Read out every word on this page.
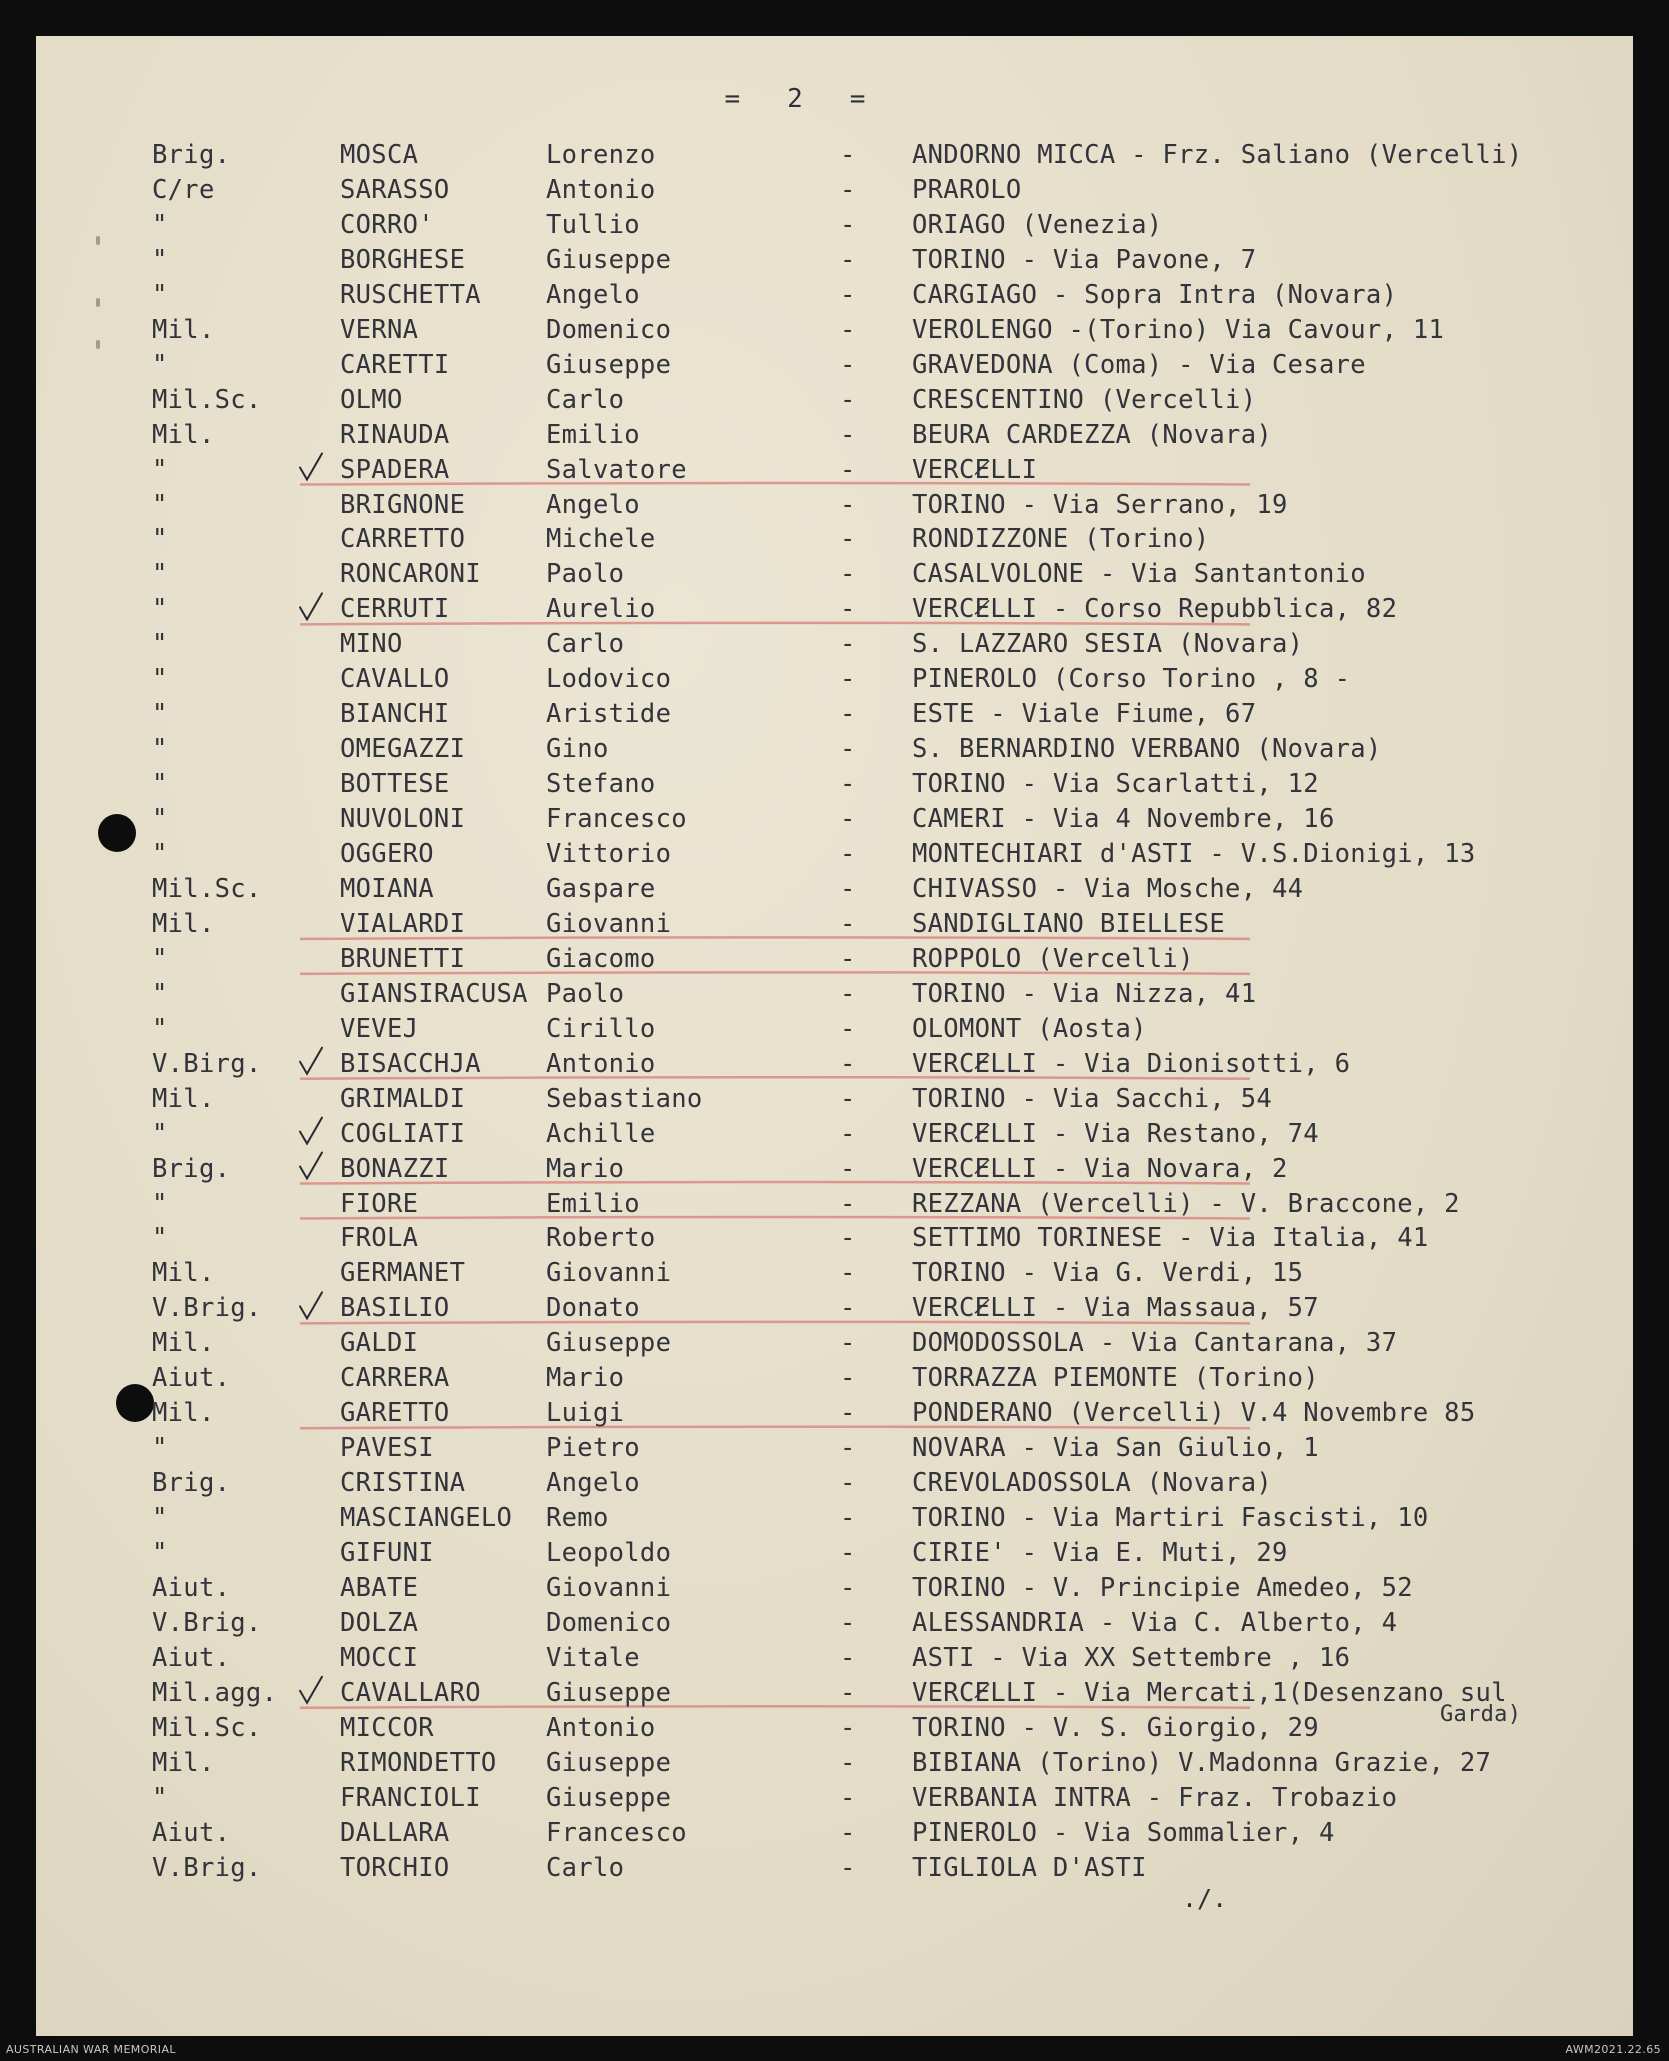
=   2   =
Brig.	MOSCA	Lorenzo	- ANDORNO MICCA - Frz. Saliano (Vercelli)
C/re	SARASSO	Antonio	- PRAROLO
"	CORRO'	Tullio	- ORIAGO (Venezia)
"	BORGHESE	Giuseppe	- TORINO - Via Pavone, 7
"	RUSCHETTA	Angelo	- CARGIAGO - Sopra Intra (Novara)
Mil.	VERNA	Domenico	- VEROLENGO -(Torino) Via Cavour, 11
"	CARETTI	Giuseppe	- GRAVEDONA (Coma) - Via Cesare
Mil.Sc.	OLMO	Carlo	- CRESCENTINO (Vercelli)
Mil.	RINAUDA	Emilio	- BEURA CARDEZZA (Novara)
"	SPADERA	Salvatore	- VERCELLI
"	BRIGNONE	Angelo	- TORINO - Via Serrano, 19
"	CARRETTO	Michele	- RONDIZZONE (Torino)
"	RONCARONI	Paolo	- CASALVOLONE - Via Santantonio
"	CERRUTI	Aurelio	- VERCELLI - Corso Repubblica, 82
"	MINO	Carlo	- S. LAZZARO SESIA (Novara)
"	CAVALLO	Lodovico	- PINEROLO (Corso Torino , 8 -
"	BIANCHI	Aristide	- ESTE - Viale Fiume, 67
"	OMEGAZZI	Gino	- S. BERNARDINO VERBANO (Novara)
"	BOTTESE	Stefano	- TORINO - Via Scarlatti, 12
"	NUVOLONI	Francesco	- CAMERI - Via 4 Novembre, 16
"	OGGERO	Vittorio	- MONTECHIARI d'ASTI - V.S.Dionigi, 13
Mil.Sc.	MOIANA	Gaspare	- CHIVASSO - Via Mosche, 44
Mil.	VIALARDI	Giovanni	- SANDIGLIANO BIELLESE
"	BRUNETTI	Giacomo	- ROPPOLO (Vercelli)
"	GIANSIRACUSA Paolo	- TORINO - Via Nizza, 41
"	VEVEJ	Cirillo	- OLOMONT (Aosta)
V.Birg.	BISACCHJA	Antonio	- VERCELLI - Via Dionisotti, 6
Mil.	GRIMALDI	Sebastiano	- TORINO - Via Sacchi, 54
"	COGLIATI	Achille	- VERCELLI - Via Restano, 74
Brig.	BONAZZI	Mario	- VERCELLI - Via Novara, 2
"	FIORE	Emilio	- REZZANA (Vercelli) - V. Braccone, 2
"	FROLA	Roberto	- SETTIMO TORINESE - Via Italia, 41
Mil.	GERMANET	Giovanni	- TORINO - Via G. Verdi, 15
V.Brig.	BASILIO	Donato	- VERCELLI - Via Massaua, 57
Mil.	GALDI	Giuseppe	- DOMODOSSOLA - Via Cantarana, 37
Aiut.	CARRERA	Mario	- TORRAZZA PIEMONTE (Torino)
Mil.	GARETTO	Luigi	- PONDERANO (Vercelli) V.4 Novembre 85
"	PAVESI	Pietro	- NOVARA - Via San Giulio, 1
Brig.	CRISTINA	Angelo	- CREVOLADOSSOLA (Novara)
"	MASCIANGELO Remo	- TORINO - Via Martiri Fascisti, 10
"	GIFUNI	Leopoldo	- CIRIE' - Via E. Muti, 29
Aiut.	ABATE	Giovanni	- TORINO - V. Principie Amedeo, 52
V.Brig.	DOLZA	Domenico	- ALESSANDRIA - Via C. Alberto, 4
Aiut.	MOCCI	Vitale	- ASTI - Via XX Settembre , 16
Mil.agg. CAVALLARO	Giuseppe	- VERCELLI - Via Mercati,1(Desenzano sul
Garda)
Mil.Sc.	MICCOR	Antonio	- TORINO - V. S. Giorgio, 29
Mil.	RIMONDETTO Giuseppe	- BIBIANA (Torino) V.Madonna Grazie, 27
"	FRANCIOLI	Giuseppe	- VERBANIA INTRA - Fraz. Trobazio
Aiut.	DALLARA	Francesco	- PINEROLO - Via Sommalier, 4
V.Brig.	TORCHIO	Carlo	- TIGLIOLA D'ASTI
./.
AUSTRALIAN WAR MEMORIAL	AWM2021.22.65
